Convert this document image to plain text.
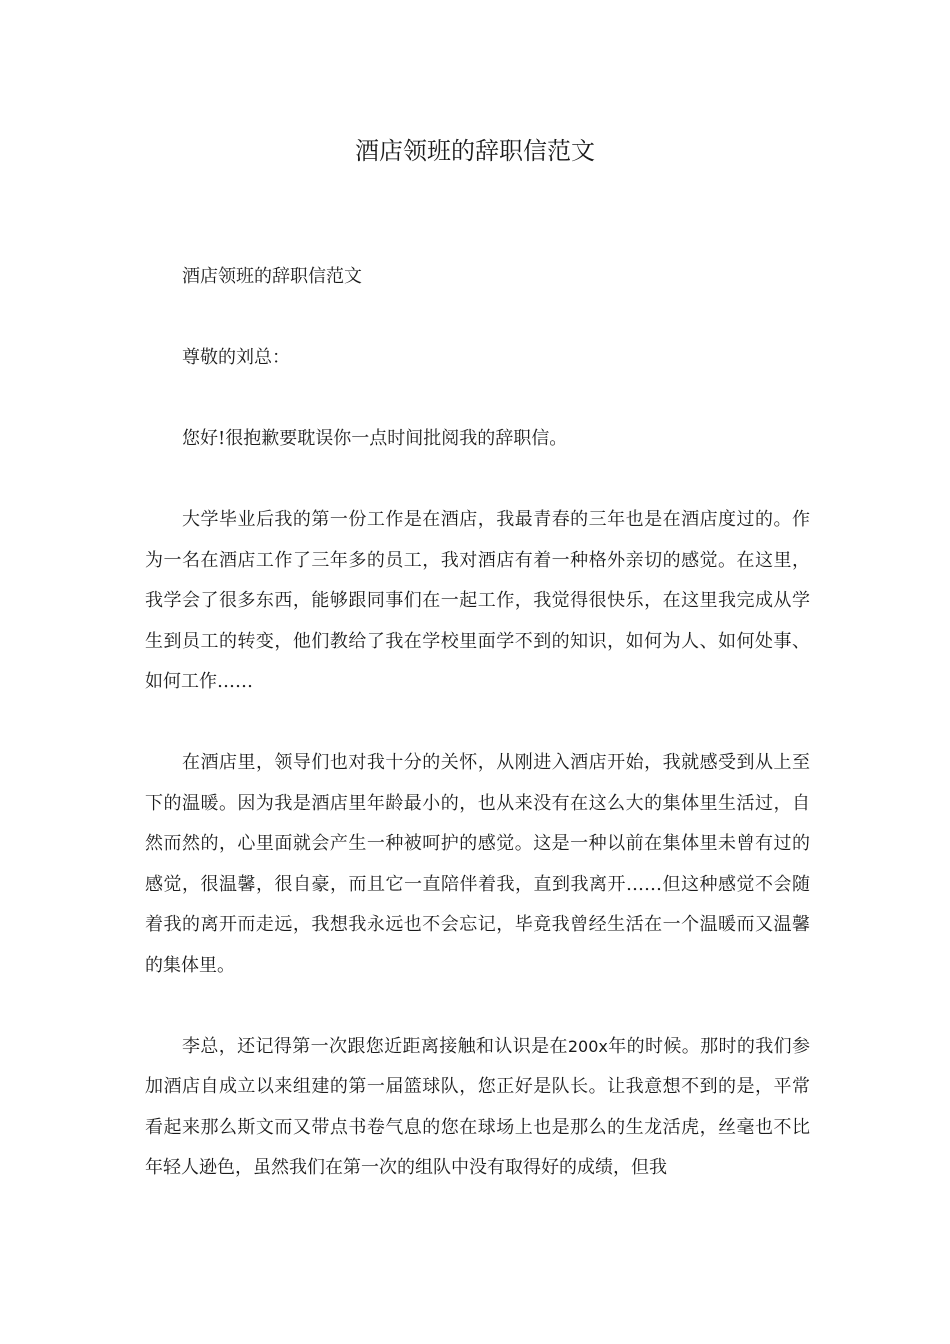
酒店领班的辞职信范文

酒店领班的辞职信范文

尊敬的刘总：

您好!很抱歉要耽误你一点时间批阅我的辞职信。

大学毕业后我的第一份工作是在酒店，我最青春的三年也是在酒店度过的。作为一名在酒店工作了三年多的员工，我对酒店有着一种格外亲切的感觉。在这里，我学会了很多东西，能够跟同事们在一起工作，我觉得很快乐，在这里我完成从学生到员工的转变，他们教给了我在学校里面学不到的知识，如何为人、如何处事、如何工作……

在酒店里，领导们也对我十分的关怀，从刚进入酒店开始，我就感受到从上至下的温暖。因为我是酒店里年龄最小的，也从来没有在这么大的集体里生活过，自然而然的，心里面就会产生一种被呵护的感觉。这是一种以前在集体里未曾有过的感觉，很温馨，很自豪，而且它一直陪伴着我，直到我离开……但这种感觉不会随着我的离开而走远，我想我永远也不会忘记，毕竟我曾经生活在一个温暖而又温馨的集体里。

李总，还记得第一次跟您近距离接触和认识是在200x年的时候。那时的我们参加酒店自成立以来组建的第一届篮球队，您正好是队长。让我意想不到的是，平常看起来那么斯文而又带点书卷气息的您在球场上也是那么的生龙活虎，丝毫也不比年轻人逊色，虽然我们在第一次的组队中没有取得好的成绩，但我
